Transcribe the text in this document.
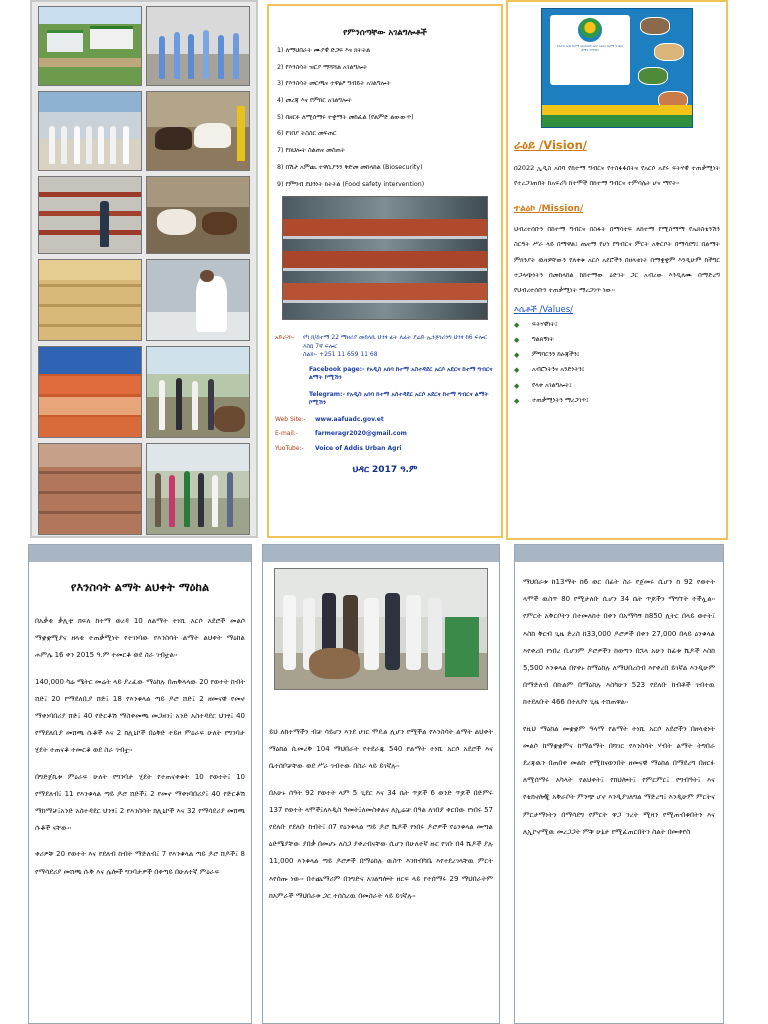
የምንሰጣቸው አገልግሎቶች
1) ለማህበራት ሙያዊ ድጋፍ እና ክትትል
2) የእንስሳት ዝርያ ማሻሻል አገልግሎት
3) የእንስሳት መርጫና ተዋፅዖ ግብይት አገልግሎት
4) መረጃ እና የምክር አገልግሎት
5) በዘርፉ ለሚሰማሩ ተቋማት መከፈል (የልምድ ልውውጥ)
6) የገበያ ትስስር መፍጠር
7) የክህሎት ስልጠና መስጠት
8) በሽታ አምጪ ተዋሲያንን ቅድመ መከላከል (Biosecurity)
9) የምግብ ደህንነት ክትትል (Food safety intervention)
አድራሻ፡-	የካ ክ/ከተማ 22 ማዞሪያ መከላኪ ህንፃ ፊት ለፊት ያሬድ ኢንጅነሪንግ ህንፃ ከ6 ፍሎር እስከ 7ኛ ፍሎር
ስልክ፡- +251 11 659 11 68
Facebook page:- የአዲስ አበባ ከተማ አስተዳደር አርሶ አደርና ከተማ ግብርና ልማት ኮሚሽን
Telegram:- የአዲስ አበባ ከተማ አስተዳደር አርሶ አደርና ከተማ ግብርና ልማት ኮሚሽን
Web Site:-	www.aafuadc.gov.et
E-mail:-	farmeragr2020@gmail.com
YuoTube:-	Voice of Addis Urban Agri
ህዳር 2017 ዓ.ም
የአዲስ አበባ ከተማ አስተዳደር አርሶ አደርና ከተማ ግብርና ልማት ኮሚሽን
ራዕይ /Vision/
በ2022 ኢዲስ አበባ የከተማ ግብርና የተስፋፋበትና የአርሶ አደሩ ፍትሃዊ ተጠቃሚነት የተረጋገጠበት ከአፍሪካ ከተሞች በከተማ ግብርና ተምሳሌት ሆና ማየት፡፡
ተልዕኮ /Mission/
ህብረተሰቡን በከተማ ግብርና በስፋት በማሳተፍ ለከተማ የሚስማማ የኤክስቴንሽን ስርዓት ሥራ ላይ በማዋል፤ ጤናማ የሆነ የግብርና ምርት አቅርቦት በማሳደግ፤ በልማት ምክንያት ዉዛዎቸውን የለቀቁ አርሶ አደሮችን በዘላቂነት በማቋቋም እንዲሁም ከችግር ተጋላጭነትን በመከላከል ከከተማው ዕድገት ጋር አብረው እንዲለሙ በማድረግ የህብረተሰቡን ተጠቃሚነት ማረጋገጥ ነው፡፡
እሴቶች /Values/
◆	ፍትሃዊነት፤
◆	ግልጸኝነት
◆	ምግባርንን ከፁጃችን፤
◆	አብሮነትንና አንድነትን፤
◆	የላቀ አገልግሎት፤
◆	ተጠቃሚነትን ማረጋገጥ፤
የእንስሳት ልማት ልህቀት ማዕከል

በአቃቂ ቃሊቲ ክፍለ ከተማ ወረዳ 10 ለልማት ተነሺ አርሶ አደሮች መልሶ ማቋቋሚያና ዘላቂ ተጠቃሚነት የተገነባው የእንስሳት ልማት ልህቀት ማዕከል ሐምሌ 16 ቀን 2015 ዓ.ም ተመርቆ ወደ ስራ ገብቷል፡፡

140,000 ካሬ ሜትር መሬት ላይ ያረፈው ማዕከሉ በጠቅላላው 20 የወተት ከብት ሸድ፤ 20 የማደለቢያ ሸድ፤ 18 የእንቁላል ጣይ ዶሮ ሸድ፤ 2 ዘመናዊ የመኖ ማቀነባበሪያ ሸድ፤ 40 የድርቆሽ ማስቀመጫ መጋዘን፤ አንድ አስተዳደር ህንፃ፤ 40 የማደለቢያ መሸጫ ሱቆች እና 2 ክሊኒኮች በዕቅድ ተይዞ ምዕራፍ ሁለት የግንባታ ሂደት ተጠናቆ ተመርቆ ወደ ስራ ገብቷ፡፡

በግድጀኪቱ ምዕራፍ ሁለት የግንባታ ሂደት የተጠናቀቁት 10 የወተት፤ 10 የማደለብ፤ 11 የእንቁላል ጣይ ዶሮ ሸድች፤ 2 የመኖ ማቀነባበሪያ፤ 40 የድርቆሽ ማከማቻ፤አንድ አስተዳደር ህንፃ፤ 2 የእንስሳት ክሊኒኮች እና 32 የማሳደሪያ መሸጫ ሱቆች ናቸው፡፡

ቀሪዎቹ 20 የወተት እና የደለብ ከብት ማድለብ፤ 7 የእንቁላል ጣይ ዶሮ ሸዶች፤ 8 የማሳደሪያ መሸጫ ሱቅ እና ሌሎች ግንባታዎች በቀጣይ በሁለተኛ ምዕራፍ

ይህ ለከተማችን ብቻ ሳይሆን እንደ ሀገር ሞዴል ሊሆን የሚችል የእንስሳት ልማት ልህቀት ማዕከል ሲመረቅ 104 ማህበራት የተደራጁ 540 የልማት ተነሺ አርሶ አደሮች እና ቤተሰቦቻቸው ወደ ሥራ ገብተው በስራ ላይ ይገኛሉ፡፡

በአሁኑ ሰዓት 92 የወተት ላም 5 ጊደር እና 34 ሴት ጥጆች 6 ወንድ ጥጆች በድምሩ 137 የወተት ላሞች፤ለእዲስ ዓመት፤ለመስቀልና ለኢሬቻ በዓል ለገበያ ቀርበው የነበሩ 57 የደለቡ የደለቡ ከብት፤ በ7 የዕንቁላል ጣይ ዶሮ ሼዶች የነበሩ ዶሮዎች የዕንቁላል መጣል ዕድሜያቸው ያበቃ በመሆኑ ለስጋ ያቀረብናቸው ሲሆን በሁለተኛ ዙር የገቡ በ4 ሼዶች ያሉ 11,000 እንቁላል ጣይ ዶሮዎች በማዕከሉ ዉስጥ እንክብካቤ እየተደረገላቸዉ ምርት እየሰጡ ነው፡፡ በተጨማሪም በንግድና አገልግሎት ዘርፍ ላይ የተሰማሩ 29 ማህበራትም ከአምራች ማህበራቱ ጋር ተሰስረዉ በመስራት ላይ ይገኛሉ፡፡

ማህበራቱ ከ13ማት ከ6 ወር በፊት ስራ የጀመሩ ሲሆን ከ 92 የወተት ላሞች ዉስጥ 80 የሚታለቡ ሲሆን 34 ሴት ጥጆችን ማግኘት ተችሏል፡፡ የምርት አቅርቦትን በተመለከተ በቀን በአማካኝ ከ850 ሊትር በላይ ወተት፤ እስከ ቅርብ ጊዜ ድረስ ከ33,000 ዶሮዎች በቀን 27,000 በላይ ዕንቁላል እየቀረበ የነበረ ቢሆንም ዶሮዎችን ከወጣን በኋላ አሁን ከፊቱ ሼዶች እስከ 5,500 እንቁላል በየቀኑ ከማዕከሉ ለማህበረሰብ እየቀረበ ይገኛል እንዲሁም በማድለብ በኩልም በማዕከሉ እስካሁን 523 የደለቡ ከብቶች ገብተዉ ከተደለቡት 466 በተለያየ ጊዜ ተሸጠዋል፡፡

የዚህ ማዕከል መቋቋም ዓላማ የልማት ተነሺ አርሶ አደሮችን በዘላቂነት መልሶ ከማቋቋምና ከማልማት በሻገር የእንስሳት ሃብት ልማት ትግበራ ደረጃዉን በጠበቀ መልኩ የሚከናወንበት ዘመናዊ ማዕከል በማደረግ በዘርፉ ለሚሰማሩ አካላት የልህቀት፤ የክህሎት፤ የምርምር፤ የግብዓት፤ እና የቴክኖሎጂ አቅራቦት ምንጭ ሆኖ እንዲያገለግል ማድረግ፤ እንዲሁም ምርትና ምርታማነትን በማሳደግ የምርት ዋጋ ንረት ሚዛን የሚጠብቁበትን እና ለኢኮኖሚዉ መረጋጋት ምቹ ሁኔታ የሚፈጠርበትን ስልት በመቀየስ
